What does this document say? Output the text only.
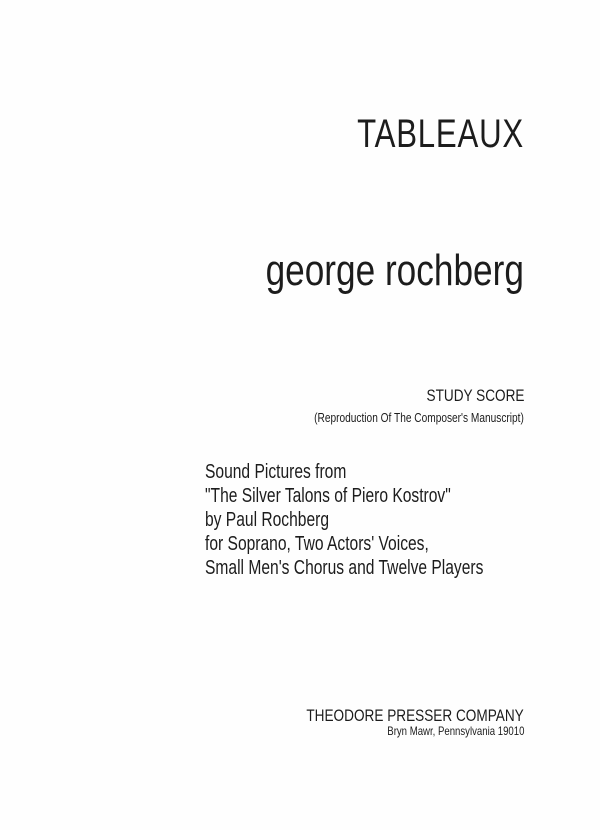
TABLEAUX
george rochberg
STUDY SCORE
(Reproduction Of The Composer's Manuscript)
Sound Pictures from
"The Silver Talons of Piero Kostrov"
by Paul Rochberg
for Soprano, Two Actors' Voices,
Small Men's Chorus and Twelve Players
THEODORE PRESSER COMPANY
Bryn Mawr, Pennsylvania 19010
